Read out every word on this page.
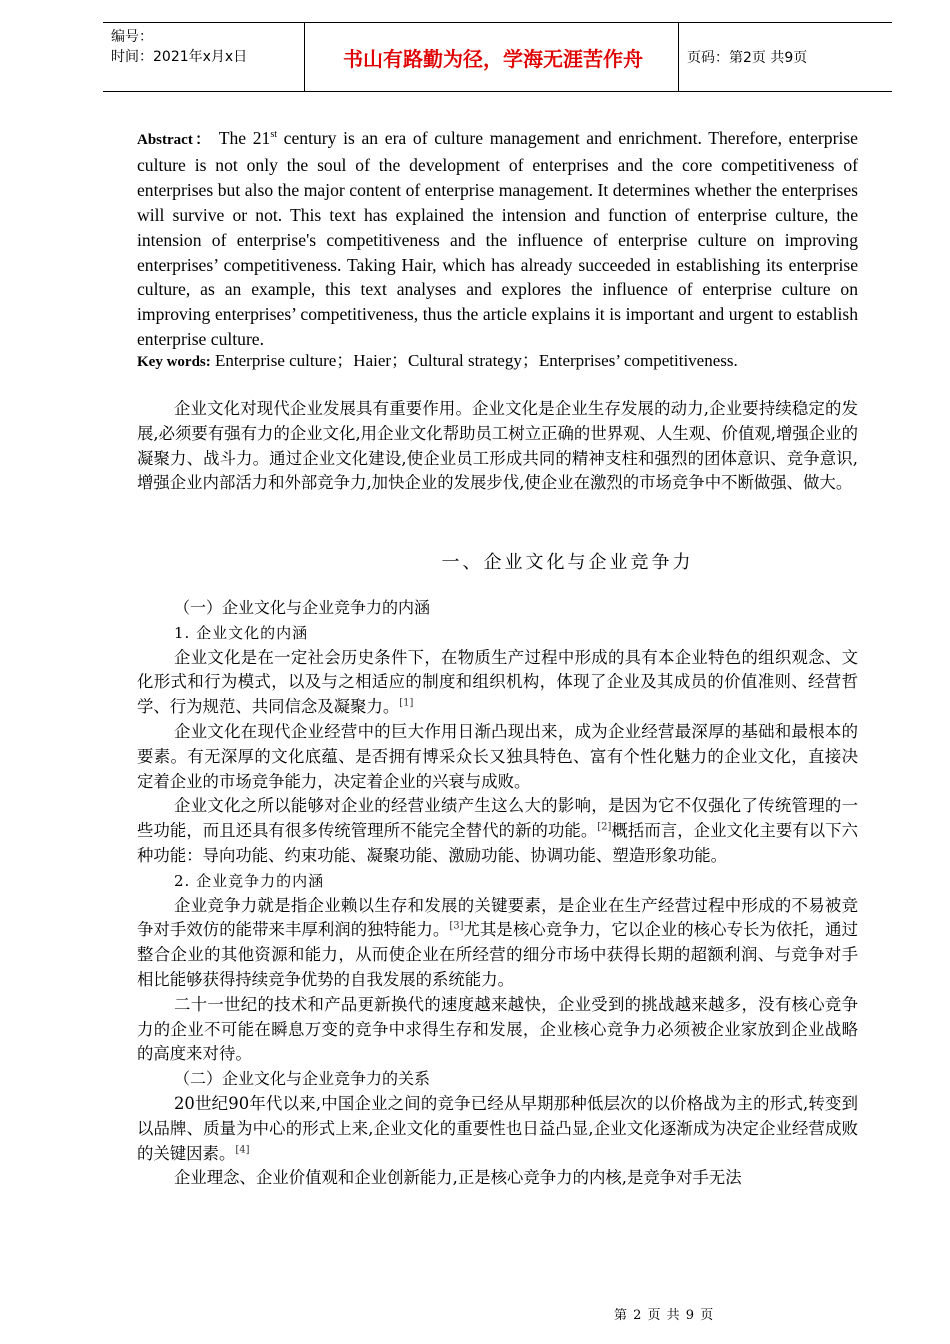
编号：
时间：2021年x月x日	书山有路勤为径，学海无涯苦作舟	页码：第2页 共9页
Abstract： The 21st century is an era of culture management and enrichment. Therefore, enterprise culture is not only the soul of the development of enterprises and the core competitiveness of enterprises but also the major content of enterprise management. It determines whether the enterprises will survive or not. This text has explained the intension and function of enterprise culture, the intension of enterprise's competitiveness and the influence of enterprise culture on improving enterprises’ competitiveness. Taking Hair, which has already succeeded in establishing its enterprise culture, as an example, this text analyses and explores the influence of enterprise culture on improving enterprises’ competitiveness, thus the article explains it is important and urgent to establish enterprise culture.
Key words: Enterprise culture；Haier；Cultural strategy；Enterprises’ competitiveness.

企业文化对现代企业发展具有重要作用。企业文化是企业生存发展的动力,企业要持续稳定的发展,必须要有强有力的企业文化,用企业文化帮助员工树立正确的世界观、人生观、价值观,增强企业的凝聚力、战斗力。通过企业文化建设,使企业员工形成共同的精神支柱和强烈的团体意识、竞争意识,增强企业内部活力和外部竞争力,加快企业的发展步伐,使企业在激烈的市场竞争中不断做强、做大。

一、企业文化与企业竞争力

（一）企业文化与企业竞争力的内涵

1. 企业文化的内涵

企业文化是在一定社会历史条件下，在物质生产过程中形成的具有本企业特色的组织观念、文化形式和行为模式，以及与之相适应的制度和组织机构，体现了企业及其成员的价值准则、经营哲学、行为规范、共同信念及凝聚力。[1]

企业文化在现代企业经营中的巨大作用日渐凸现出来，成为企业经营最深厚的基础和最根本的要素。有无深厚的文化底蕴、是否拥有博采众长又独具特色、富有个性化魅力的企业文化，直接决定着企业的市场竞争能力，决定着企业的兴衰与成败。

企业文化之所以能够对企业的经营业绩产生这么大的影响，是因为它不仅强化了传统管理的一些功能，而且还具有很多传统管理所不能完全替代的新的功能。[2]概括而言，企业文化主要有以下六种功能：导向功能、约束功能、凝聚功能、激励功能、协调功能、塑造形象功能。

2. 企业竞争力的内涵

企业竞争力就是指企业赖以生存和发展的关键要素，是企业在生产经营过程中形成的不易被竞争对手效仿的能带来丰厚利润的独特能力。[3]尤其是核心竞争力，它以企业的核心专长为依托，通过整合企业的其他资源和能力，从而使企业在所经营的细分市场中获得长期的超额利润、与竞争对手相比能够获得持续竞争优势的自我发展的系统能力。

二十一世纪的技术和产品更新换代的速度越来越快，企业受到的挑战越来越多，没有核心竞争力的企业不可能在瞬息万变的竞争中求得生存和发展，企业核心竞争力必须被企业家放到企业战略的高度来对待。

（二）企业文化与企业竞争力的关系

20世纪90年代以来,中国企业之间的竞争已经从早期那种低层次的以价格战为主的形式,转变到以品牌、质量为中心的形式上来,企业文化的重要性也日益凸显,企业文化逐渐成为决定企业经营成败的关键因素。[4]

企业理念、企业价值观和企业创新能力,正是核心竞争力的内核,是竞争对手无法

第 2 页 共 9 页
